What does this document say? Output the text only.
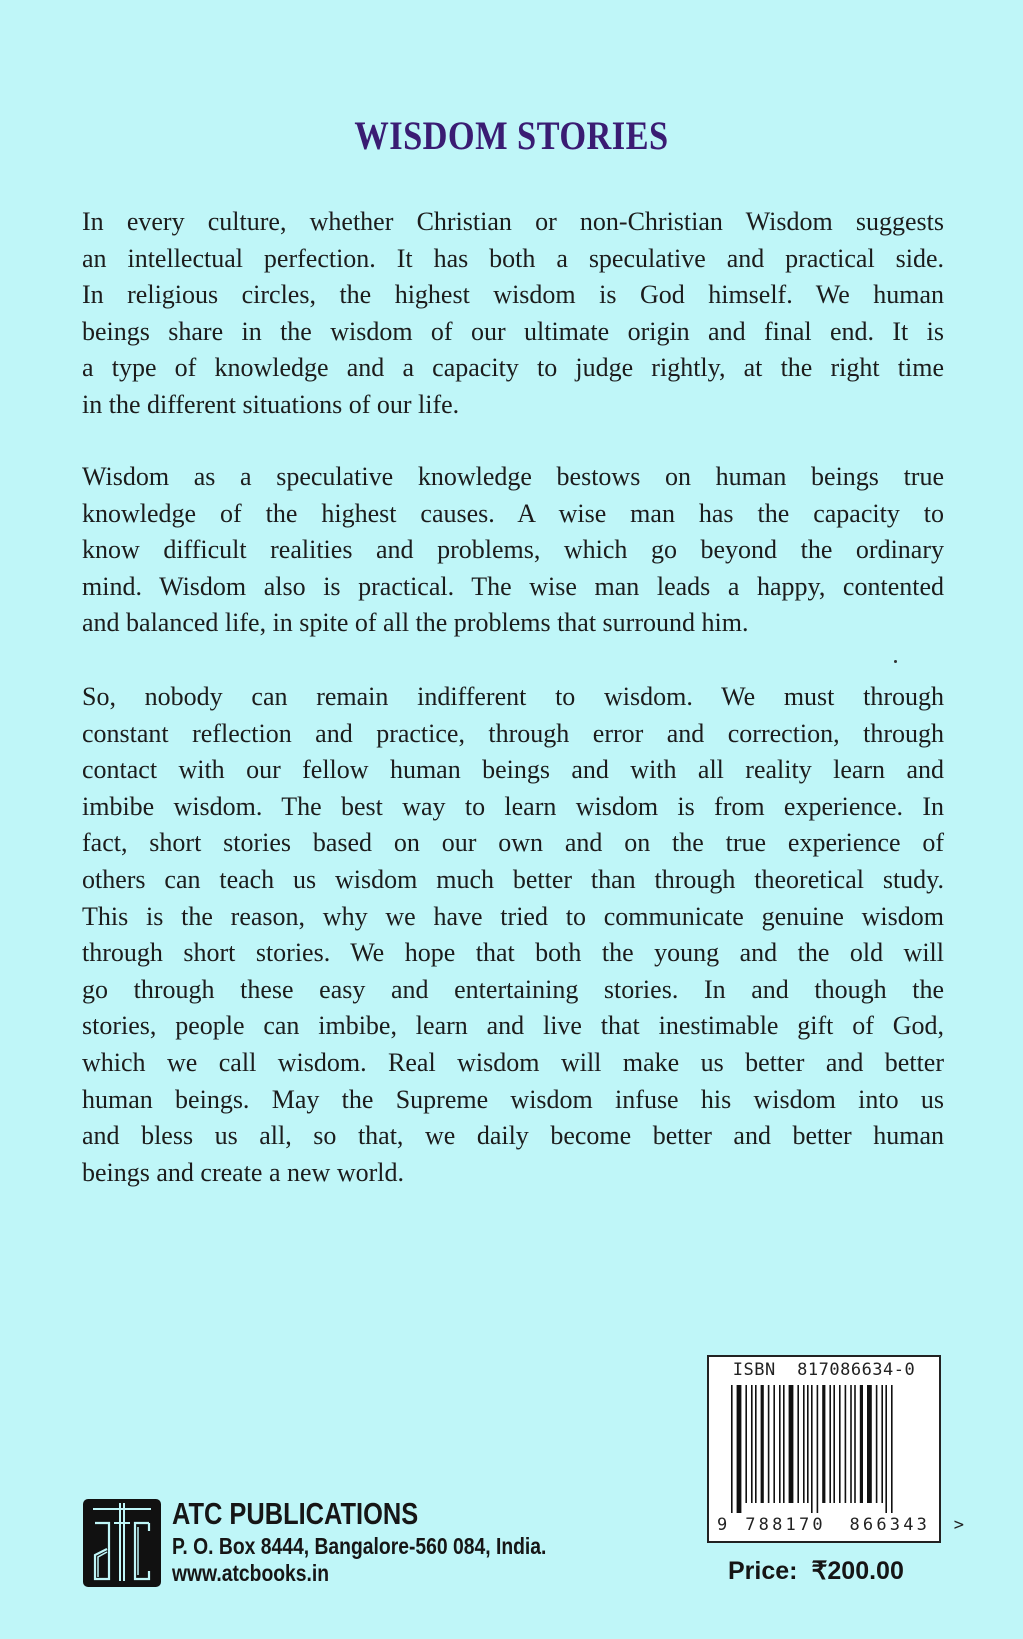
WISDOM STORIES
In every culture, whether Christian or non-Christian Wisdom suggests
an intellectual perfection. It has both a speculative and practical side.
In religious circles, the highest wisdom is God himself. We human
beings share in the wisdom of our ultimate origin and final end. It is
a type of knowledge and a capacity to judge rightly, at the right time
in the different situations of our life.
Wisdom as a speculative knowledge bestows on human beings true
knowledge of the highest causes. A wise man has the capacity to
know difficult realities and problems, which go beyond the ordinary
mind. Wisdom also is practical. The wise man leads a happy, contented
and balanced life, in spite of all the problems that surround him.
So, nobody can remain indifferent to wisdom. We must through
constant reflection and practice, through error and correction, through
contact with our fellow human beings and with all reality learn and
imbibe wisdom. The best way to learn wisdom is from experience. In
fact, short stories based on our own and on the true experience of
others can teach us wisdom much better than through theoretical study.
This is the reason, why we have tried to communicate genuine wisdom
through short stories. We hope that both the young and the old will
go through these easy and entertaining stories. In and though the
stories, people can imbibe, learn and live that inestimable gift of God,
which we call wisdom. Real wisdom will make us better and better
human beings. May the Supreme wisdom infuse his wisdom into us
and bless us all, so that, we daily become better and better human
beings and create a new world.
ATC PUBLICATIONS
P. O. Box 8444, Bangalore-560 084, India.
www.atcbooks.in
ISBN  817086634-0
9 788170 866343 >
Price: ₹200.00
